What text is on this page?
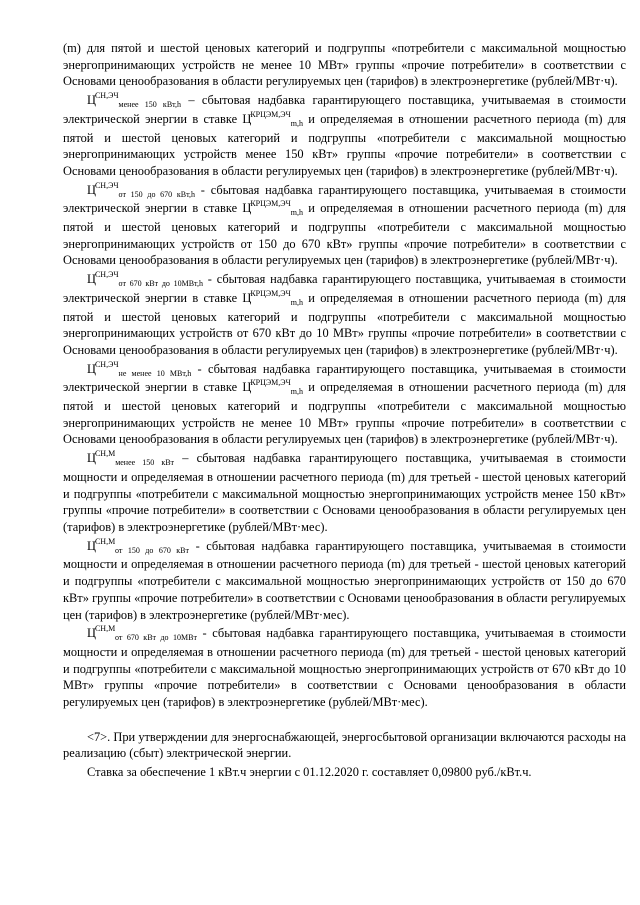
(m) для пятой и шестой ценовых категорий и подгруппы «потребители с максимальной мощностью энергопринимающих устройств не менее 10 МВт» группы «прочие потребители» в соответствии с Основами ценообразования в области регулируемых цен (тарифов) в электроэнергетике (рублей/МВт·ч).

$Ц^{СН,ЭЧ}_{менее 150 кВт,h}$ – сбытовая надбавка гарантирующего поставщика, учитываемая в стоимости электрической энергии в ставке $Ц^{КРЦЭМ,ЭЧ}_{m,h}$ и определяемая в отношении расчетного периода (m) для пятой и шестой ценовых категорий и подгруппы «потребители с максимальной мощностью энергопринимающих устройств менее 150 кВт» группы «прочие потребители» в соответствии с Основами ценообразования в области регулируемых цен (тарифов) в электроэнергетике (рублей/МВт·ч).

$Ц^{СН,ЭЧ}_{от 150 до 670 кВт,h}$ - сбытовая надбавка гарантирующего поставщика, учитываемая в стоимости электрической энергии в ставке $Ц^{КРЦЭМ,ЭЧ}_{m,h}$ и определяемая в отношении расчетного периода (m) для пятой и шестой ценовых категорий и подгруппы «потребители с максимальной мощностью энергопринимающих устройств от 150 до 670 кВт» группы «прочие потребители» в соответствии с Основами ценообразования в области регулируемых цен (тарифов) в электроэнергетике (рублей/МВт·ч).

$Ц^{СН,ЭЧ}_{от 670 кВт до 10МВт,h}$ - сбытовая надбавка гарантирующего поставщика, учитываемая в стоимости электрической энергии в ставке $Ц^{КРЦЭМ,ЭЧ}_{m,h}$ и определяемая в отношении расчетного периода (m) для пятой и шестой ценовых категорий и подгруппы «потребители с максимальной мощностью энергопринимающих устройств от 670 кВт до 10 МВт» группы «прочие потребители» в соответствии с Основами ценообразования в области регулируемых цен (тарифов) в электроэнергетике (рублей/МВт·ч).

$Ц^{СН,ЭЧ}_{не менее 10 МВт,h}$ - сбытовая надбавка гарантирующего поставщика, учитываемая в стоимости электрической энергии в ставке $Ц^{КРЦЭМ,ЭЧ}_{m,h}$ и определяемая в отношении расчетного периода (m) для пятой и шестой ценовых категорий и подгруппы «потребители с максимальной мощностью энергопринимающих устройств не менее 10 МВт» группы «прочие потребители» в соответствии с Основами ценообразования в области регулируемых цен (тарифов) в электроэнергетике (рублей/МВт·ч).

$Ц^{СН,М}_{менее 150 кВт}$ – сбытовая надбавка гарантирующего поставщика, учитываемая в стоимости мощности и определяемая в отношении расчетного периода (m) для третьей - шестой ценовых категорий и подгруппы «потребители с максимальной мощностью энергопринимающих устройств менее 150 кВт» группы «прочие потребители» в соответствии с Основами ценообразования в области регулируемых цен (тарифов) в электроэнергетике (рублей/МВт·мес).

$Ц^{СН,М}_{от 150 до 670 кВт}$ - сбытовая надбавка гарантирующего поставщика, учитываемая в стоимости мощности и определяемая в отношении расчетного периода (m) для третьей - шестой ценовых категорий и подгруппы «потребители с максимальной мощностью энергопринимающих устройств от 150 до 670 кВт» группы «прочие потребители» в соответствии с Основами ценообразования в области регулируемых цен (тарифов) в электроэнергетике (рублей/МВт·мес).

$Ц^{СН,М}_{от 670 кВт до 10МВт}$ - сбытовая надбавка гарантирующего поставщика, учитываемая в стоимости мощности и определяемая в отношении расчетного периода (m) для третьей - шестой ценовых категорий и подгруппы «потребители с максимальной мощностью энергопринимающих устройств от 670 кВт до 10 МВт» группы «прочие потребители» в соответствии с Основами ценообразования в области регулируемых цен (тарифов) в электроэнергетике (рублей/МВт·мес).

<7>. При утверждении для энергоснабжающей, энергосбытовой организации включаются расходы на реализацию (сбыт) электрической энергии.

Ставка за обеспечение 1 кВт.ч энергии с 01.12.2020 г. составляет 0,09800 руб./кВт.ч.
